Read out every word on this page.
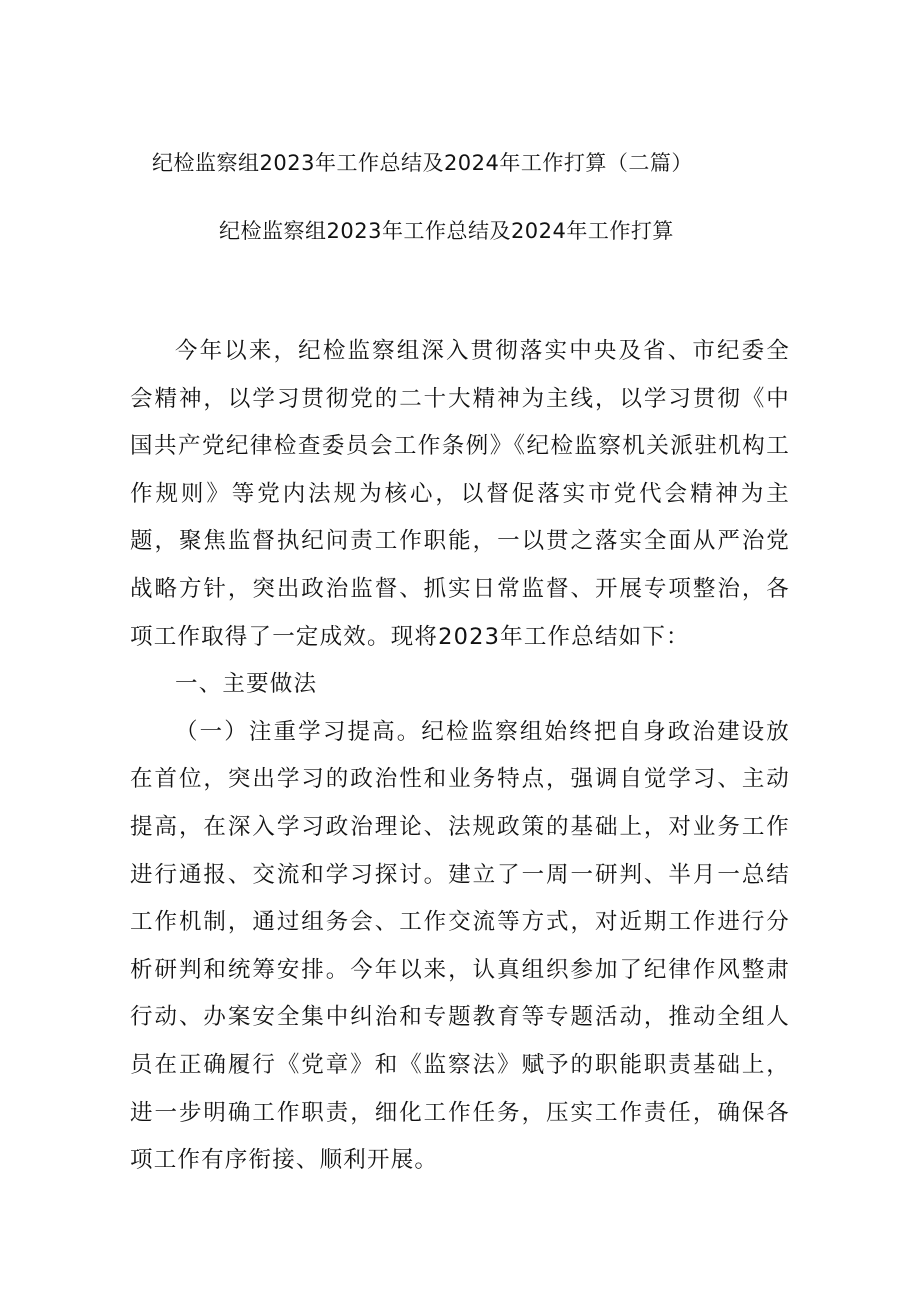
纪检监察组2023年工作总结及2024年工作打算（二篇）
纪检监察组2023年工作总结及2024年工作打算

今年以来，纪检监察组深入贯彻落实中央及省、市纪委全会精神，以学习贯彻党的二十大精神为主线，以学习贯彻《中国共产党纪律检查委员会工作条例》《纪检监察机关派驻机构工作规则》等党内法规为核心，以督促落实市党代会精神为主题，聚焦监督执纪问责工作职能，一以贯之落实全面从严治党战略方针，突出政治监督、抓实日常监督、开展专项整治，各项工作取得了一定成效。现将2023年工作总结如下：

一、主要做法

（一）注重学习提高。纪检监察组始终把自身政治建设放在首位，突出学习的政治性和业务特点，强调自觉学习、主动提高，在深入学习政治理论、法规政策的基础上，对业务工作进行通报、交流和学习探讨。建立了一周一研判、半月一总结工作机制，通过组务会、工作交流等方式，对近期工作进行分析研判和统筹安排。今年以来，认真组织参加了纪律作风整肃行动、办案安全集中纠治和专题教育等专题活动，推动全组人员在正确履行《党章》和《监察法》赋予的职能职责基础上，进一步明确工作职责，细化工作任务，压实工作责任，确保各项工作有序衔接、顺利开展。
